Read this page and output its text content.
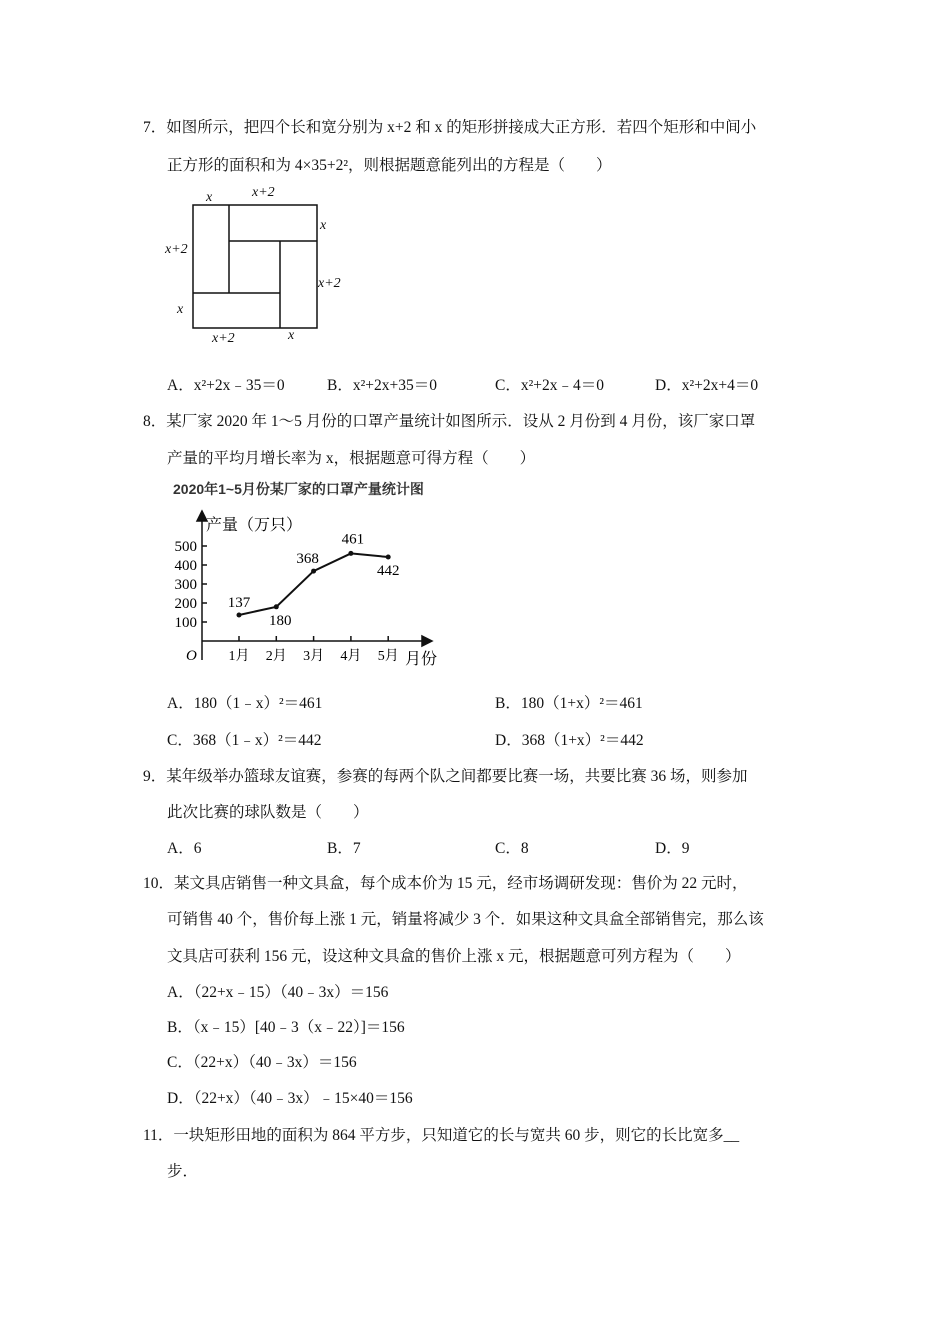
7．如图所示，把四个长和宽分别为 x+2 和 x 的矩形拼接成大正方形．若四个矩形和中间小
正方形的面积和为 4×35+2²，则根据题意能列出的方程是（　　）
x	x+2
x
x+2
x+2
x
x+2	x
A．x²+2x﹣35＝0	B．x²+2x+35＝0	C．x²+2x﹣4＝0	D．x²+2x+4＝0
8．某厂家 2020 年 1～5 月份的口罩产量统计如图所示．设从 2 月份到 4 月份，该厂家口罩
产量的平均月增长率为 x，根据题意可得方程（　　）
2020年1~5月份某厂家的口罩产量统计图
产量（万只）
月份
O
100
200
300
400
500
1月 2月 3月 4月 5月
137
180
368
461
442
A．180（1﹣x）²＝461	B．180（1+x）²＝461
C．368（1﹣x）²＝442	D．368（1+x）²＝442
9．某年级举办篮球友谊赛，参赛的每两个队之间都要比赛一场，共要比赛 36 场，则参加
此次比赛的球队数是（　　）
A．6	B．7	C．8	D．9
10．某文具店销售一种文具盒，每个成本价为 15 元，经市场调研发现：售价为 22 元时，
可销售 40 个，售价每上涨 1 元，销量将减少 3 个．如果这种文具盒全部销售完，那么该
文具店可获利 156 元，设这种文具盒的售价上涨 x 元，根据题意可列方程为（　　）
A．（22+x﹣15）（40﹣3x）＝156
B．（x﹣15）[40﹣3（x﹣22）]＝156
C．（22+x）（40﹣3x）＝156
D．（22+x）（40﹣3x）﹣15×40＝156
11．一块矩形田地的面积为 864 平方步，只知道它的长与宽共 60 步，则它的长比宽多__
步．
